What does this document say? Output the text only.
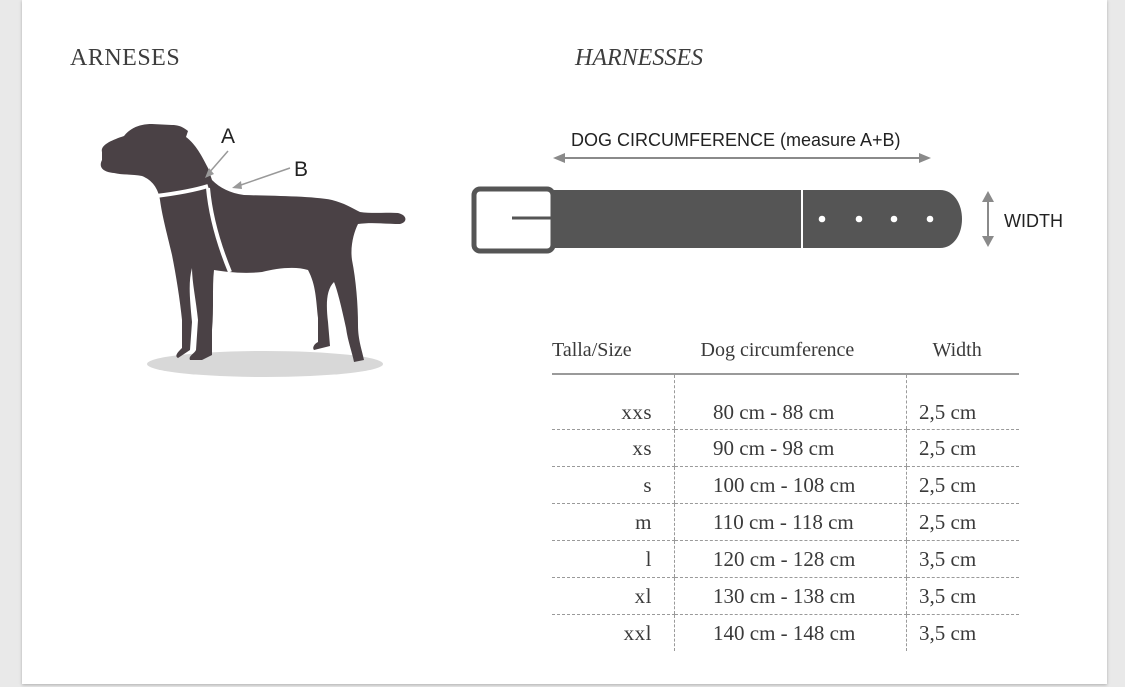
ARNESES	HARNESSES
A
B
DOG CIRCUMFERENCE (measure A+B)
WIDTH
Talla/Size	Dog circumference	Width
xxs	80 cm - 88 cm	2,5 cm
xs	90 cm - 98 cm	2,5 cm
s	100 cm - 108 cm	2,5 cm
m	110 cm - 118 cm	2,5 cm
l	120 cm - 128 cm	3,5 cm
xl	130 cm - 138 cm	3,5 cm
xxl	140 cm - 148 cm	3,5 cm
